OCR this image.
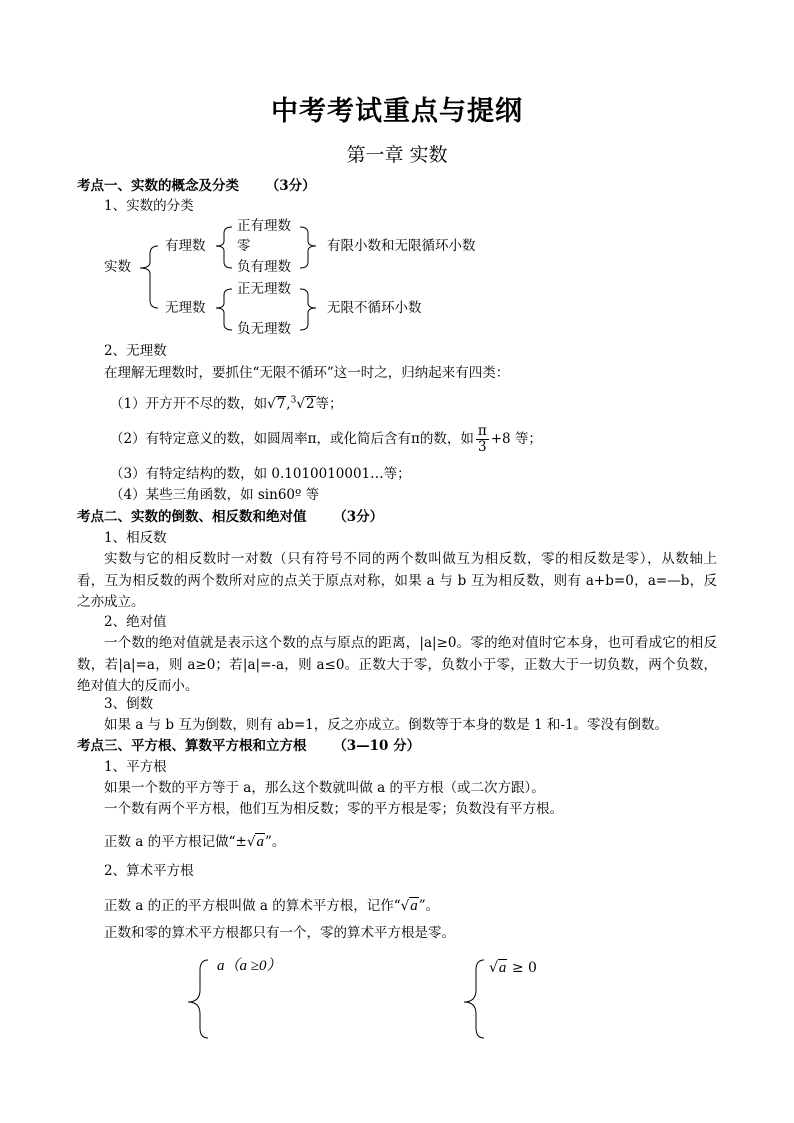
中考考试重点与提纲
第一章 实数
考点一、实数的概念及分类 （3分）
1、实数的分类
实数
有理数
正有理数
零
负有理数
有限小数和无限循环小数
无理数
正无理数
负无理数
无限不循环小数
2、无理数
在理解无理数时，要抓住“无限不循环”这一时之，归纳起来有四类：
（1）开方开不尽的数，如√7,$^3$√2等；
（2）有特定意义的数，如圆周率π，或化简后含有π的数，如 $\frac{\pi}{3} +8$ 等；
（3）有特定结构的数，如 0.1010010001…等；
（4）某些三角函数，如 sin60º 等
考点二、实数的倒数、相反数和绝对值 （3分）
1、相反数
实数与它的相反数时一对数（只有符号不同的两个数叫做互为相反数，零的相反数是零），从数轴上看，互为相反数的两个数所对应的点关于原点对称，如果 a 与 b 互为相反数，则有 a+b=0，a=—b，反之亦成立。
2、绝对值
一个数的绝对值就是表示这个数的点与原点的距离，|a|≥0。零的绝对值时它本身，也可看成它的相反数，若|a|=a，则 a≥0；若|a|=-a，则 a≤0。正数大于零，负数小于零，正数大于一切负数，两个负数，绝对值大的反而小。
3、倒数
如果 a 与 b 互为倒数，则有 ab=1，反之亦成立。倒数等于本身的数是 1 和-1。零没有倒数。
考点三、平方根、算数平方根和立方根 （3—10 分）
1、平方根
如果一个数的平方等于 a，那么这个数就叫做 a 的平方根（或二次方跟）。
一个数有两个平方根，他们互为相反数；零的平方根是零；负数没有平方根。
正数 a 的平方根记做“±√a”。
2、算术平方根
正数 a 的正的平方根叫做 a 的算术平方根，记作“√a”。
正数和零的算术平方根都只有一个，零的算术平方根是零。
a（a ≥0）	√a ≥ 0
